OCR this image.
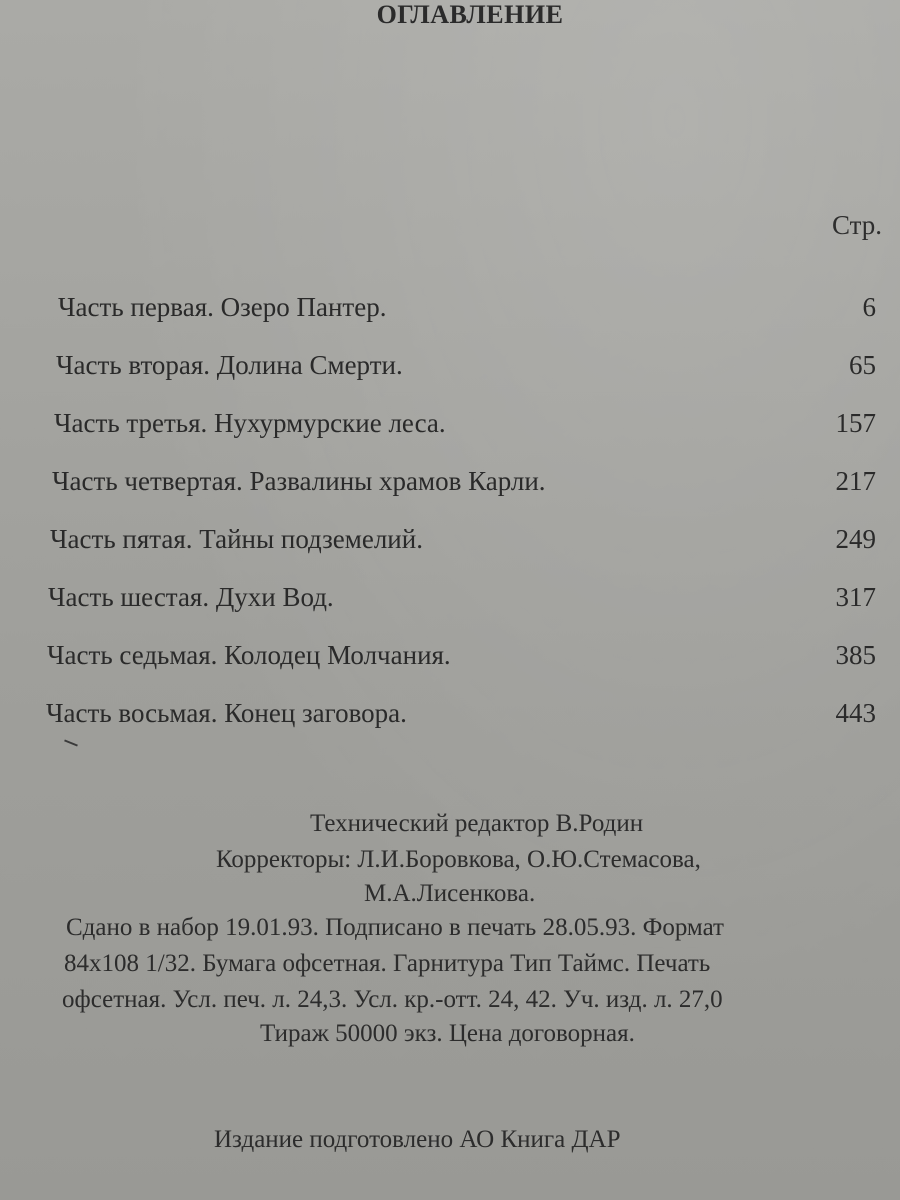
ОГЛАВЛЕНИЕ
Стр.
Часть первая. Озеро Пантер.	6
Часть вторая. Долина Смерти.	65
Часть третья. Нухурмурские леса.	157
Часть четвертая. Развалины храмов Карли.	217
Часть пятая. Тайны подземелий.	249
Часть шестая. Духи Вод.	317
Часть седьмая. Колодец Молчания.	385
Часть восьмая. Конец заговора.	443
Технический редактор В.Родин
Корректоры: Л.И.Боровкова, О.Ю.Стемасова,
М.А.Лисенкова.
Сдано в набор 19.01.93. Подписано в печать 28.05.93. Формат
84x108 1/32. Бумага офсетная. Гарнитура Тип Таймс. Печать
офсетная. Усл. печ. л. 24,3. Усл. кр.-отт. 24, 42. Уч. изд. л. 27,0
Тираж 50000 экз. Цена договорная.
Издание подготовлено АО Книга ДАР
